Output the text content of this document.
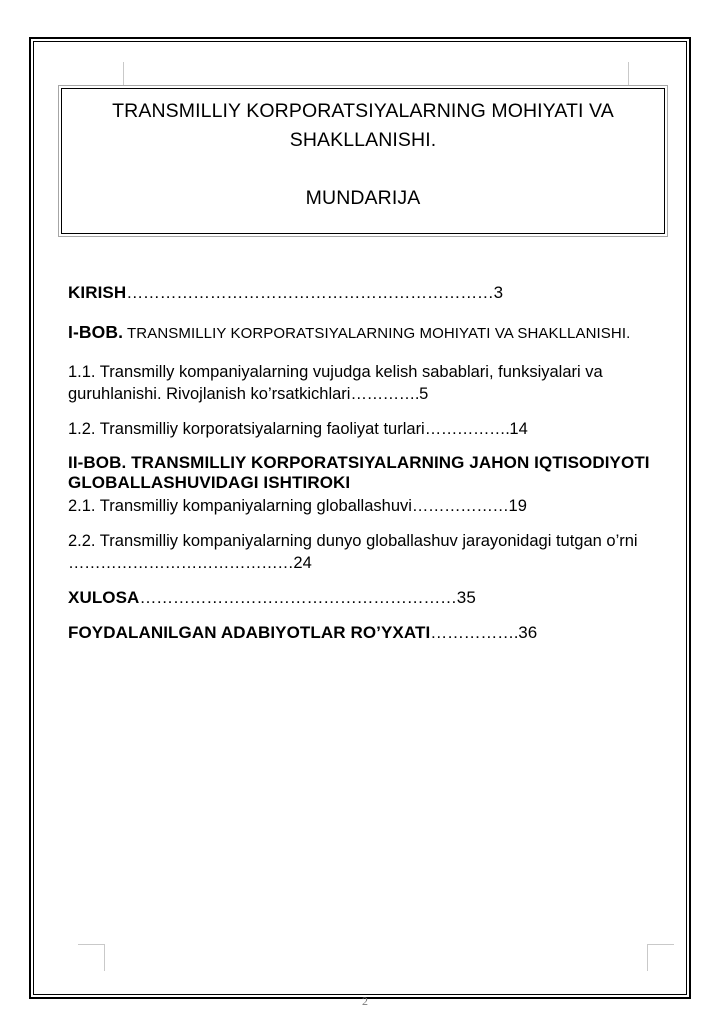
TRANSMILLIY KORPORATSIYALARNING MOHIYATI VA
SHAKLLANISHI.
MUNDARIJA
KIRISH…………………………………………………………3
I-BOB. TRANSMILLIY KORPORATSIYALARNING MOHIYATI VA SHAKLLANISHI.
1.1. Transmilly kompaniyalarning vujudga kelish sabablari, funksiyalari va guruhlanishi. Rivojlanish ko’rsatkichlari………….5
1.2. Transmilliy korporatsiyalarning faoliyat turlari…………….14
II-BOB. TRANSMILLIY KORPORATSIYALARNING JAHON IQTISODIYOTI GLOBALLASHUVIDAGI ISHTIROKI
2.1. Transmilliy kompaniyalarning globallashuvi………………19
2.2. Transmilliy kompaniyalarning dunyo globallashuv jarayonidagi tutgan o’rni ……………………………………24
XULOSA…………………………………………………35
FOYDALANILGAN ADABIYOTLAR RO’YXATI…………….36
2
